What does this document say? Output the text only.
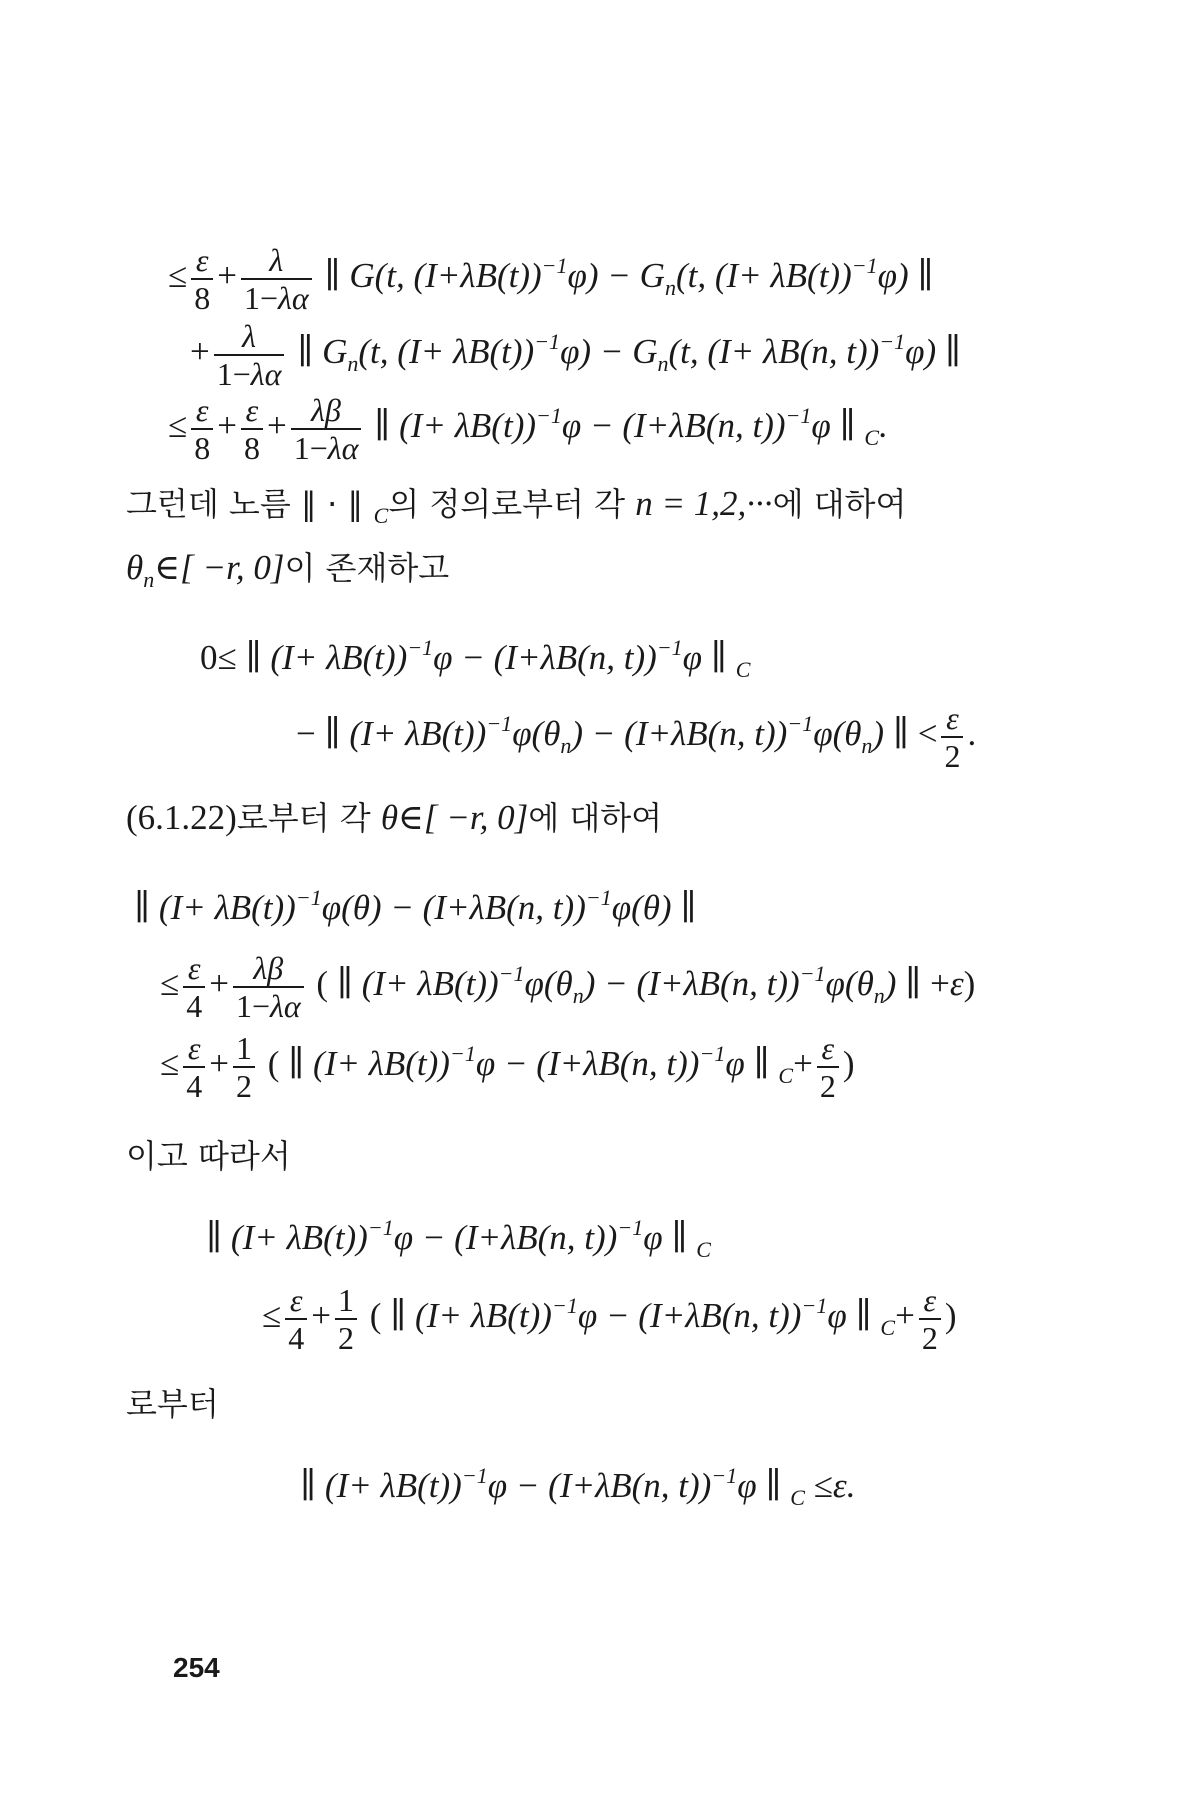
≤ $\frac{\varepsilon}{8} + \frac{\lambda}{1-\lambda\alpha}$ ∥ G(t, $(I+\lambda B(t))^{-1}\varphi) - G_n(t$, $(I+ \lambda B(t))^{-1}\varphi$) ∥
+ $\frac{\lambda}{1-\lambda\alpha}$ ∥ $G_n(t$, $(I+ \lambda B(t))^{-1}\varphi) - G_n(t$, (I+ λB(n, t))$^{-1}$φ) ∥
≤ $\frac{\varepsilon}{8} + \frac{\varepsilon}{8} + \frac{\lambda\beta}{1-\lambda\alpha}$ ∥ $(I+ \lambda B(t))^{-1}\varphi - (I+\lambda B(n$, t))$^{-1}$φ ∥ $_C$.
그런데 노름 ∥ · ∥ $_C$의 정의로부터 각 n = 1,2,···에 대하여
$\theta_n\in[ -r$, 0]이 존재하고
0≤ ∥ $(I+ \lambda B(t))^{-1}\varphi - (I+\lambda B(n$, t))$^{-1}$φ ∥ $_C$
− ∥ $(I+ \lambda B(t))^{-1}\varphi(\theta_n) - (I+\lambda B(n$, $t))^{-1}\varphi(\theta_n)$ ∥ < $\frac{\varepsilon}{2}$ .
(6.1.22)로부터 각 θ∈[ −r, 0]에 대하여
∥ $(I+ \lambda B(t))^{-1}\varphi(\theta) - (I+\lambda B(n$, t))$^{-1}$φ(θ) ∥
≤ $\frac{\varepsilon}{4} + \frac{\lambda\beta}{1-\lambda\alpha}$ ( ∥ $(I+ \lambda B(t))^{-1}\varphi(\theta_n) - (I+\lambda B(n$, $t))^{-1}\varphi(\theta_n)$ ∥ +ε)
≤ $\frac{\varepsilon}{4} + \frac{1}{2}$ ( ∥ $(I+ \lambda B(t))^{-1}\varphi - (I+\lambda B(n$, t))$^{-1}$φ ∥ $_C+ \frac{\varepsilon}{2}$ )
이고 따라서
∥ $(I+ \lambda B(t))^{-1}\varphi - (I+\lambda B(n$, t))$^{-1}$φ ∥ $_C$
≤ $\frac{\varepsilon}{4} + \frac{1}{2}$ ( ∥ $(I+ \lambda B(t))^{-1}\varphi - (I+\lambda B(n$, t))$^{-1}$φ ∥ $_C+ \frac{\varepsilon}{2}$ )
로부터
∥ $(I+ \lambda B(t))^{-1}\varphi - (I+\lambda B(n$, t))$^{-1}$φ ∥ $_C$ ≤ε.
254
